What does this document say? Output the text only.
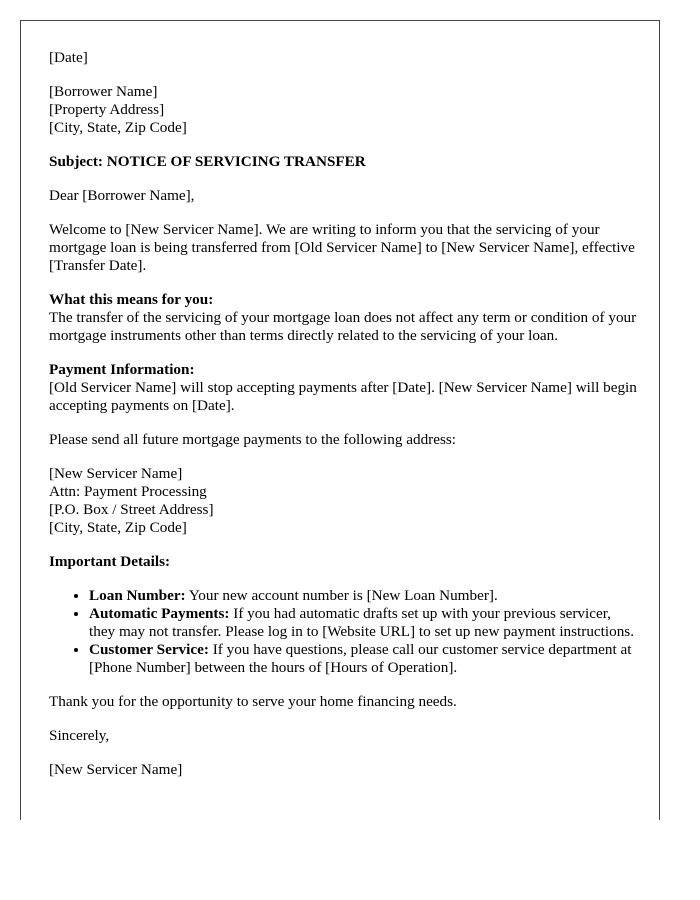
[Date]

[Borrower Name]
[Property Address]
[City, State, Zip Code]

Subject: NOTICE OF SERVICING TRANSFER

Dear [Borrower Name],

Welcome to [New Servicer Name]. We are writing to inform you that the servicing of your mortgage loan is being transferred from [Old Servicer Name] to [New Servicer Name], effective [Transfer Date].

What this means for you:
The transfer of the servicing of your mortgage loan does not affect any term or condition of your mortgage instruments other than terms directly related to the servicing of your loan.

Payment Information:
[Old Servicer Name] will stop accepting payments after [Date]. [New Servicer Name] will begin accepting payments on [Date].

Please send all future mortgage payments to the following address:

[New Servicer Name]
Attn: Payment Processing
[P.O. Box / Street Address]
[City, State, Zip Code]

Important Details:

• Loan Number: Your new account number is [New Loan Number].
• Automatic Payments: If you had automatic drafts set up with your previous servicer, they may not transfer. Please log in to [Website URL] to set up new payment instructions.
• Customer Service: If you have questions, please call our customer service department at [Phone Number] between the hours of [Hours of Operation].

Thank you for the opportunity to serve your home financing needs.

Sincerely,

[New Servicer Name]
